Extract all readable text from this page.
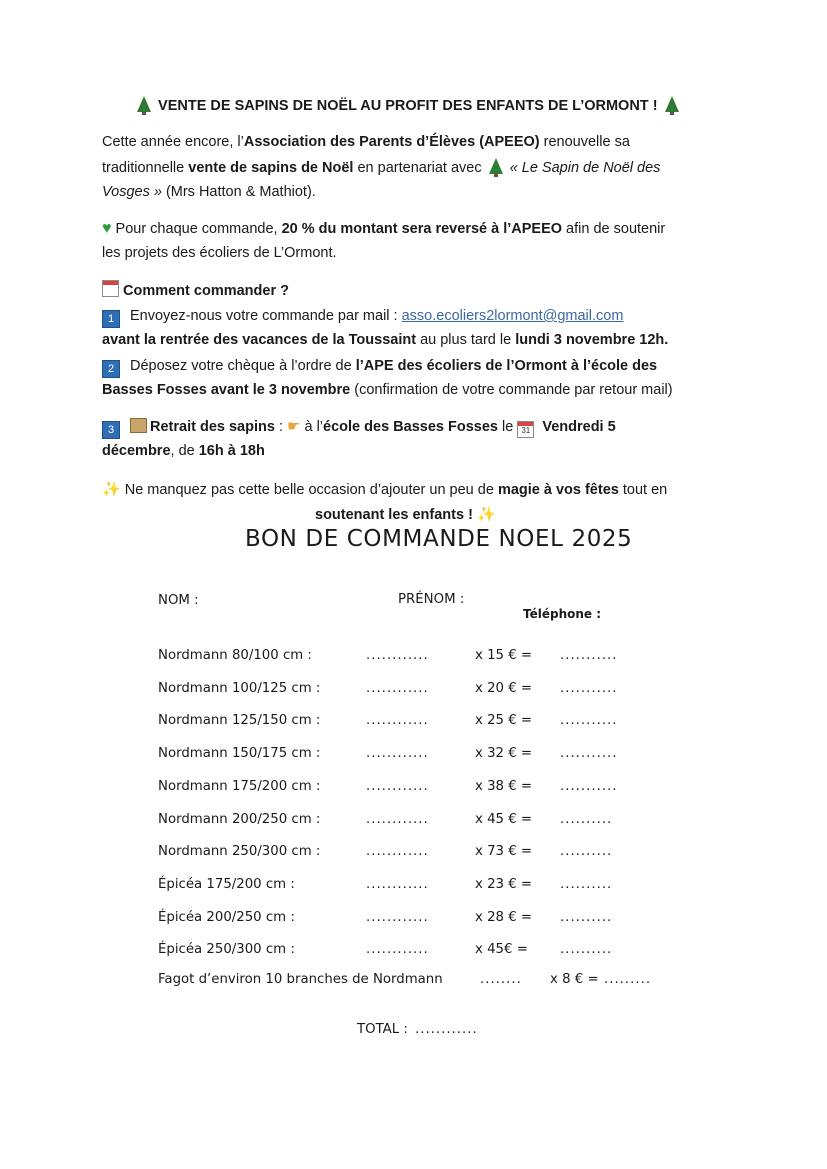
VENTE DE SAPINS DE NOËL AU PROFIT DES ENFANTS DE L’ORMONT !
Cette année encore, l’Association des Parents d’Élèves (APEEO) renouvelle sa
traditionnelle vente de sapins de Noël en partenariat avec  « Le Sapin de Noël des
Vosges » (Mrs Hatton & Mathiot).
♥ Pour chaque commande, 20 % du montant sera reversé à l’APEEO afin de soutenir
les projets des écoliers de L’Ormont.
Comment commander ?
1 Envoyez-nous votre commande par mail : asso.ecoliers2lormont@gmail.com
avant la rentrée des vacances de la Toussaint au plus tard le lundi 3 novembre 12h.
2 Déposez votre chèque à l’ordre de l’APE des écoliers de l’Ormont à l’école des
Basses Fosses avant le 3 novembre (confirmation de votre commande par retour mail)
3 Retrait des sapins : ☛ à l’école des Basses Fosses le 31 Vendredi 5
décembre, de 16h à 18h
✨ Ne manquez pas cette belle occasion d’ajouter un peu de magie à vos fêtes tout en
soutenant les enfants ! ✨
BON DE COMMANDE NOEL 2025
NOM :	PRÉNOM :
Téléphone :
Nordmann 80/100 cm :	............	x 15 € = ...........
Nordmann 100/125 cm :	............	x 20 € = ...........
Nordmann 125/150 cm :	............	x 25 € = ...........
Nordmann 150/175 cm :	............	x 32 € = ...........
Nordmann 175/200 cm :	............	x 38 € = ...........
Nordmann 200/250 cm :	............	x 45 € = ..........
Nordmann 250/300 cm :	............	x 73 € = ..........
Épicéa 175/200 cm :	............	x 23 € = ..........
Épicéa 200/250 cm :	............	x 28 € = ..........
Épicéa 250/300 cm :	............	x 45€ = ..........
Fagot d’environ 10 branches de Nordmann	........ x 8 € = .........
TOTAL : ............
